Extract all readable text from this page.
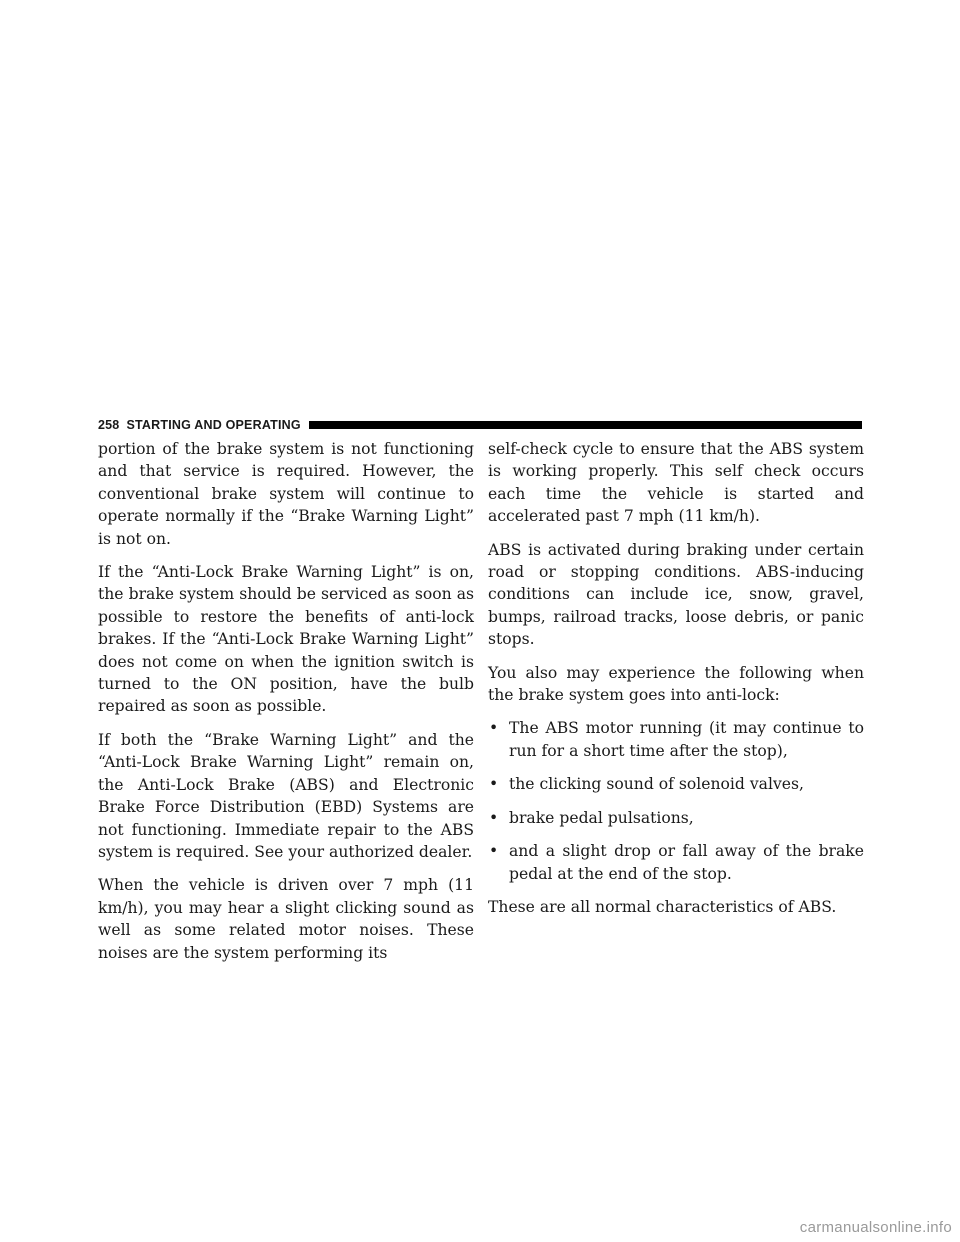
258 STARTING AND OPERATING

portion of the brake system is not functioning and that service is required. However, the conventional brake system will continue to operate normally if the “Brake Warning Light” is not on.

If the “Anti-Lock Brake Warning Light” is on, the brake system should be serviced as soon as possible to restore the benefits of anti-lock brakes. If the “Anti-Lock Brake Warning Light” does not come on when the ignition switch is turned to the ON position, have the bulb repaired as soon as possible.

If both the “Brake Warning Light” and the “Anti-Lock Brake Warning Light” remain on, the Anti-Lock Brake (ABS) and Electronic Brake Force Distribution (EBD) Systems are not functioning. Immediate repair to the ABS system is required. See your authorized dealer.

When the vehicle is driven over 7 mph (11 km/h), you may hear a slight clicking sound as well as some related motor noises. These noises are the system performing its

self-check cycle to ensure that the ABS system is working properly. This self check occurs each time the vehicle is started and accelerated past 7 mph (11 km/h).

ABS is activated during braking under certain road or stopping conditions. ABS-inducing conditions can include ice, snow, gravel, bumps, railroad tracks, loose debris, or panic stops.

You also may experience the following when the brake system goes into anti-lock:

• The ABS motor running (it may continue to run for a short time after the stop),
• the clicking sound of solenoid valves,
• brake pedal pulsations,
• and a slight drop or fall away of the brake pedal at the end of the stop.

These are all normal characteristics of ABS.

carmanualsonline.info
